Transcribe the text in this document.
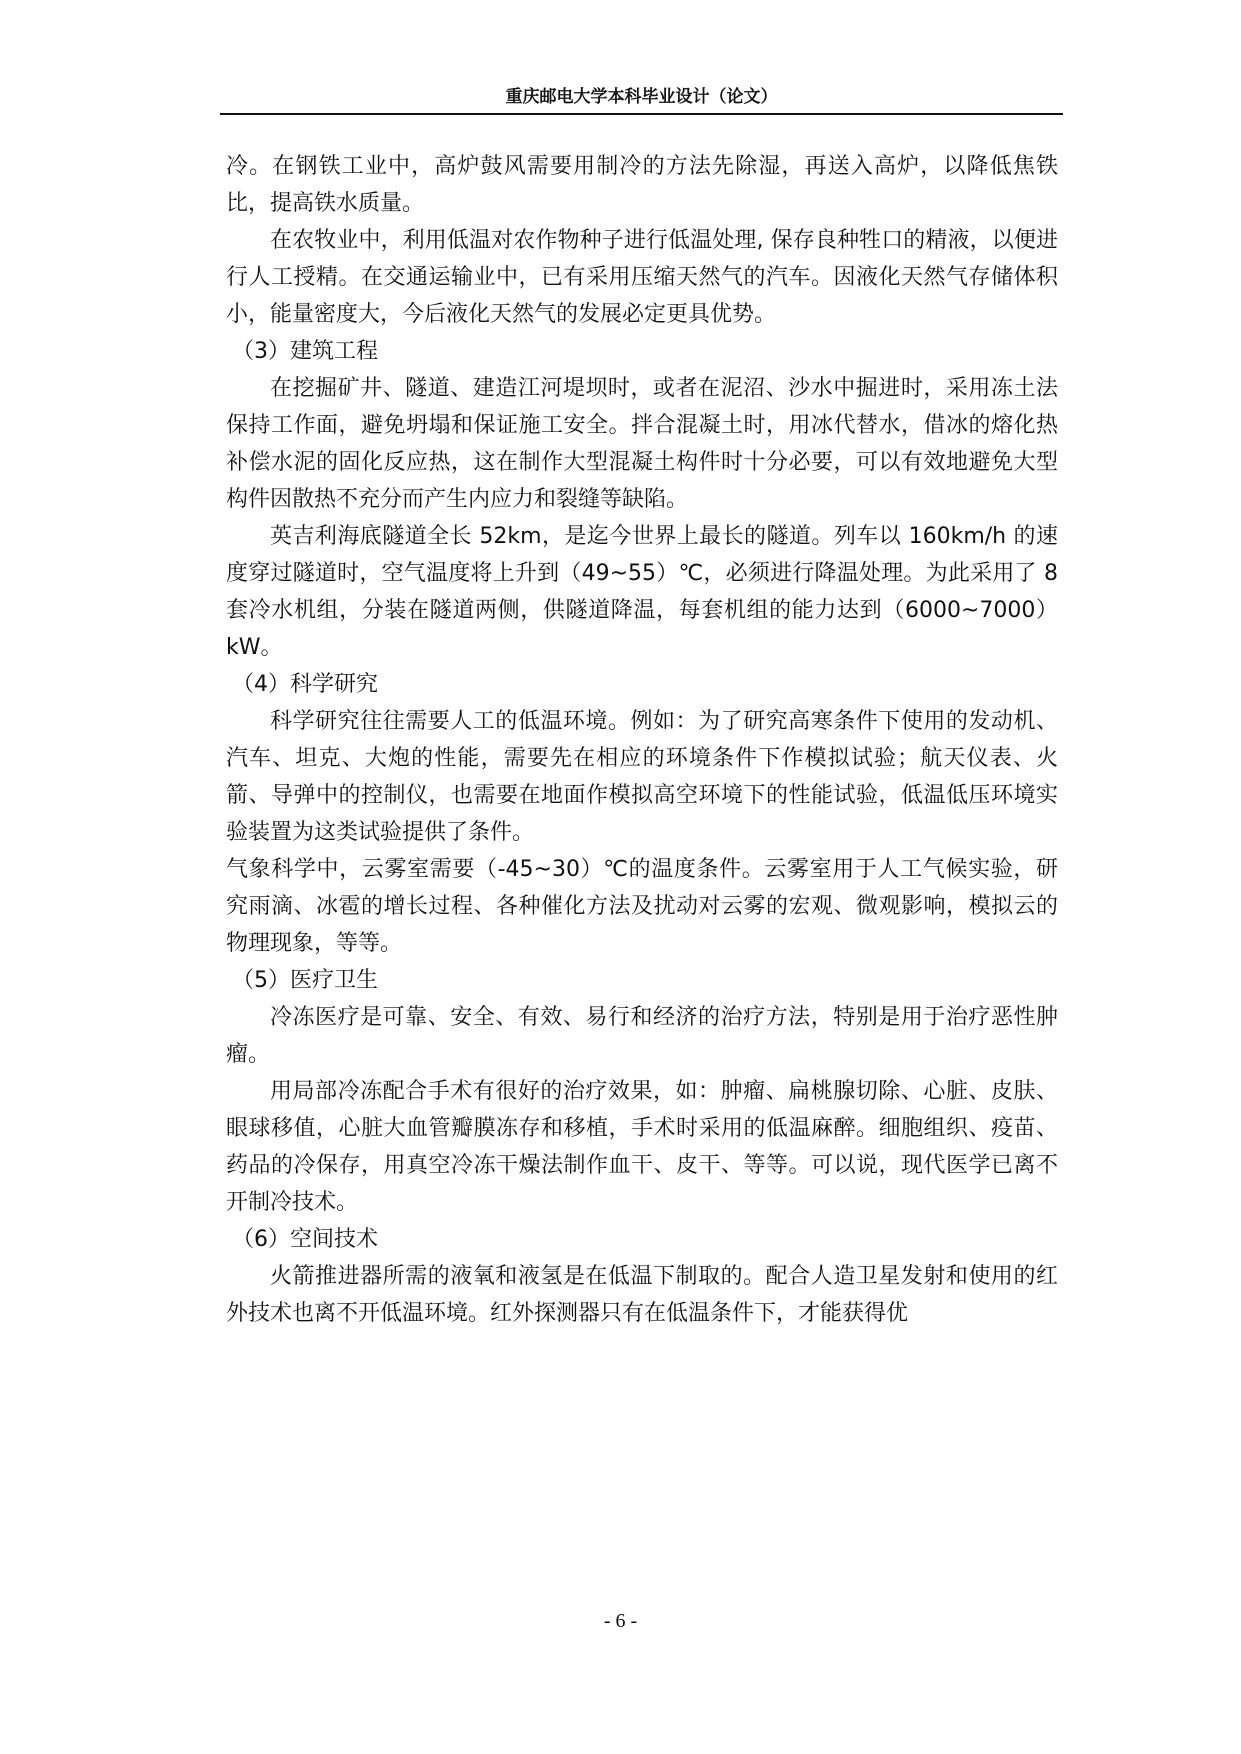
重庆邮电大学本科毕业设计（论文）

冷。在钢铁工业中，高炉鼓风需要用制冷的方法先除湿，再送入高炉，以降低焦铁比，提高铁水质量。

在农牧业中，利用低温对农作物种子进行低温处理, 保存良种牲口的精液，以便进行人工授精。在交通运输业中，已有采用压缩天然气的汽车。因液化天然气存储体积小，能量密度大，今后液化天然气的发展必定更具优势。

（3）建筑工程

在挖掘矿井、隧道、建造江河堤坝时，或者在泥沼、沙水中掘进时，采用冻土法保持工作面，避免坍塌和保证施工安全。拌合混凝土时，用冰代替水，借冰的熔化热补偿水泥的固化反应热，这在制作大型混凝土构件时十分必要，可以有效地避免大型构件因散热不充分而产生内应力和裂缝等缺陷。

英吉利海底隧道全长 52km，是迄今世界上最长的隧道。列车以 160km/h 的速度穿过隧道时，空气温度将上升到（49~55）℃，必须进行降温处理。为此采用了 8 套冷水机组，分装在隧道两侧，供隧道降温，每套机组的能力达到（6000~7000）kW。

（4）科学研究

科学研究往往需要人工的低温环境。例如：为了研究高寒条件下使用的发动机、汽车、坦克、大炮的性能，需要先在相应的环境条件下作模拟试验；航天仪表、火箭、导弹中的控制仪，也需要在地面作模拟高空环境下的性能试验，低温低压环境实验装置为这类试验提供了条件。

气象科学中，云雾室需要（-45~30）℃的温度条件。云雾室用于人工气候实验，研究雨滴、冰雹的增长过程、各种催化方法及扰动对云雾的宏观、微观影响，模拟云的物理现象，等等。

（5）医疗卫生

冷冻医疗是可靠、安全、有效、易行和经济的治疗方法，特别是用于治疗恶性肿瘤。

用局部冷冻配合手术有很好的治疗效果，如：肿瘤、扁桃腺切除、心脏、皮肤、眼球移值，心脏大血管瓣膜冻存和移植，手术时采用的低温麻醉。细胞组织、疫苗、药品的冷保存，用真空冷冻干燥法制作血干、皮干、等等。可以说，现代医学已离不开制冷技术。

（6）空间技术

火箭推进器所需的液氧和液氢是在低温下制取的。配合人造卫星发射和使用的红外技术也离不开低温环境。红外探测器只有在低温条件下，才能获得优

- 6 -
